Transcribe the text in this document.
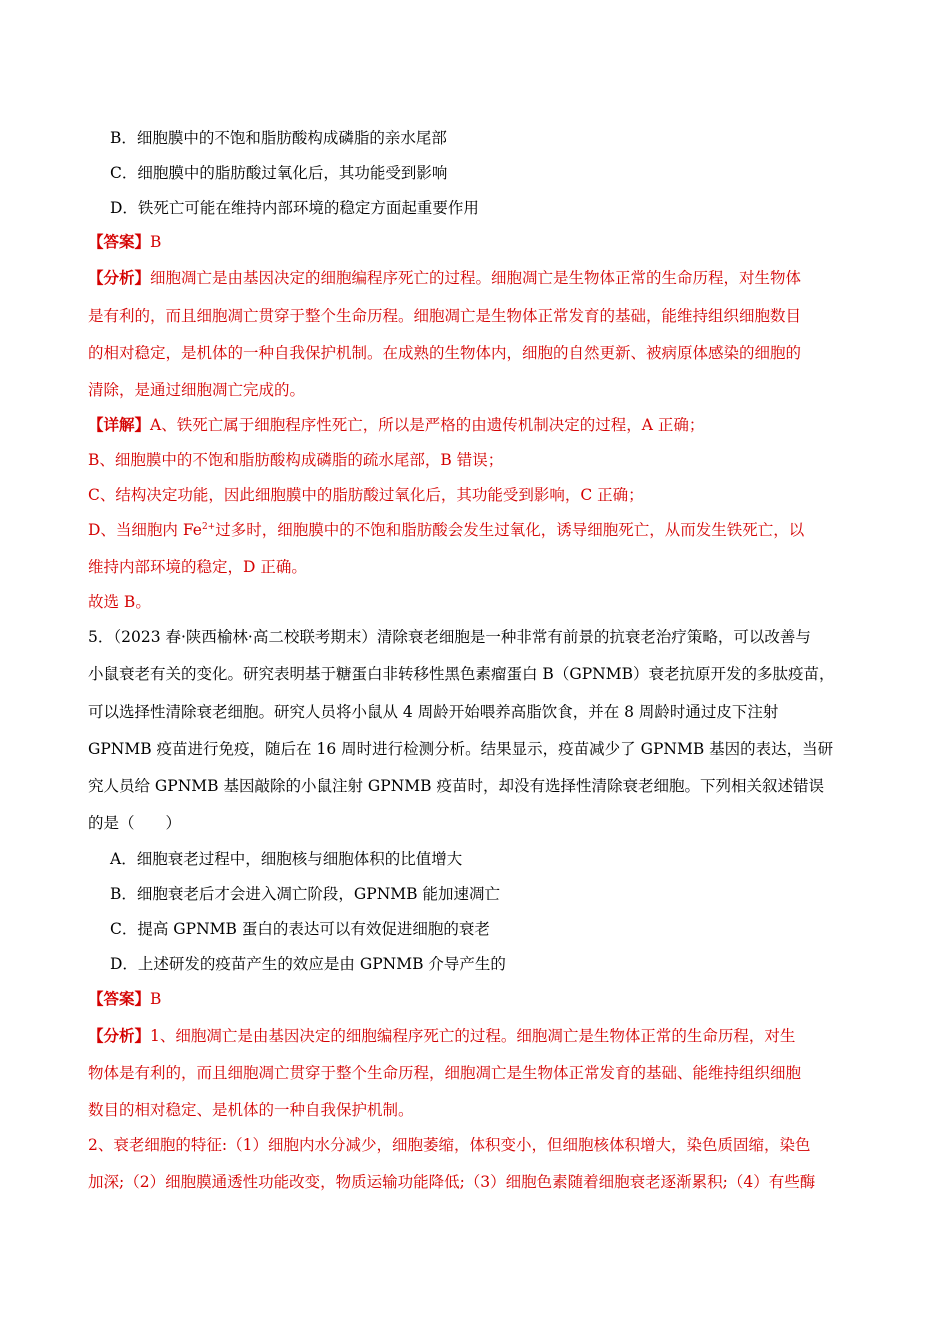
B．细胞膜中的不饱和脂肪酸构成磷脂的亲水尾部
C．细胞膜中的脂肪酸过氧化后，其功能受到影响
D．铁死亡可能在维持内部环境的稳定方面起重要作用
【答案】B
【分析】细胞凋亡是由基因决定的细胞编程序死亡的过程。细胞凋亡是生物体正常的生命历程，对生物体
是有利的，而且细胞凋亡贯穿于整个生命历程。细胞凋亡是生物体正常发育的基础，能维持组织细胞数目
的相对稳定，是机体的一种自我保护机制。在成熟的生物体内，细胞的自然更新、被病原体感染的细胞的
清除，是通过细胞凋亡完成的。
【详解】A、铁死亡属于细胞程序性死亡，所以是严格的由遗传机制决定的过程，A 正确；
B、细胞膜中的不饱和脂肪酸构成磷脂的疏水尾部，B 错误；
C、结构决定功能，因此细胞膜中的脂肪酸过氧化后，其功能受到影响，C 正确；
D、当细胞内 $Fe^{2+}$过多时，细胞膜中的不饱和脂肪酸会发生过氧化，诱导细胞死亡，从而发生铁死亡，以
维持内部环境的稳定，D 正确。
故选 B。
5．（2023 春·陕西榆林·高二校联考期末）清除衰老细胞是一种非常有前景的抗衰老治疗策略，可以改善与
小鼠衰老有关的变化。研究表明基于糖蛋白非转移性黑色素瘤蛋白 B（GPNMB）衰老抗原开发的多肽疫苗，
可以选择性清除衰老细胞。研究人员将小鼠从 4 周龄开始喂养高脂饮食，并在 8 周龄时通过皮下注射
GPNMB 疫苗进行免疫，随后在 16 周时进行检测分析。结果显示，疫苗减少了 GPNMB 基因的表达，当研
究人员给 GPNMB 基因敲除的小鼠注射 GPNMB 疫苗时，却没有选择性清除衰老细胞。下列相关叙述错误
的是（　　）
A．细胞衰老过程中，细胞核与细胞体积的比值增大
B．细胞衰老后才会进入凋亡阶段，GPNMB 能加速凋亡
C．提高 GPNMB 蛋白的表达可以有效促进细胞的衰老
D．上述研发的疫苗产生的效应是由 GPNMB 介导产生的
【答案】B
【分析】1、细胞凋亡是由基因决定的细胞编程序死亡的过程。细胞凋亡是生物体正常的生命历程，对生
物体是有利的，而且细胞凋亡贯穿于整个生命历程，细胞凋亡是生物体正常发育的基础、能维持组织细胞
数目的相对稳定、是机体的一种自我保护机制。
2、衰老细胞的特征:（1）细胞内水分减少，细胞萎缩，体积变小，但细胞核体积增大，染色质固缩，染色
加深;（2）细胞膜通透性功能改变，物质运输功能降低;（3）细胞色素随着细胞衰老逐渐累积;（4）有些酶
